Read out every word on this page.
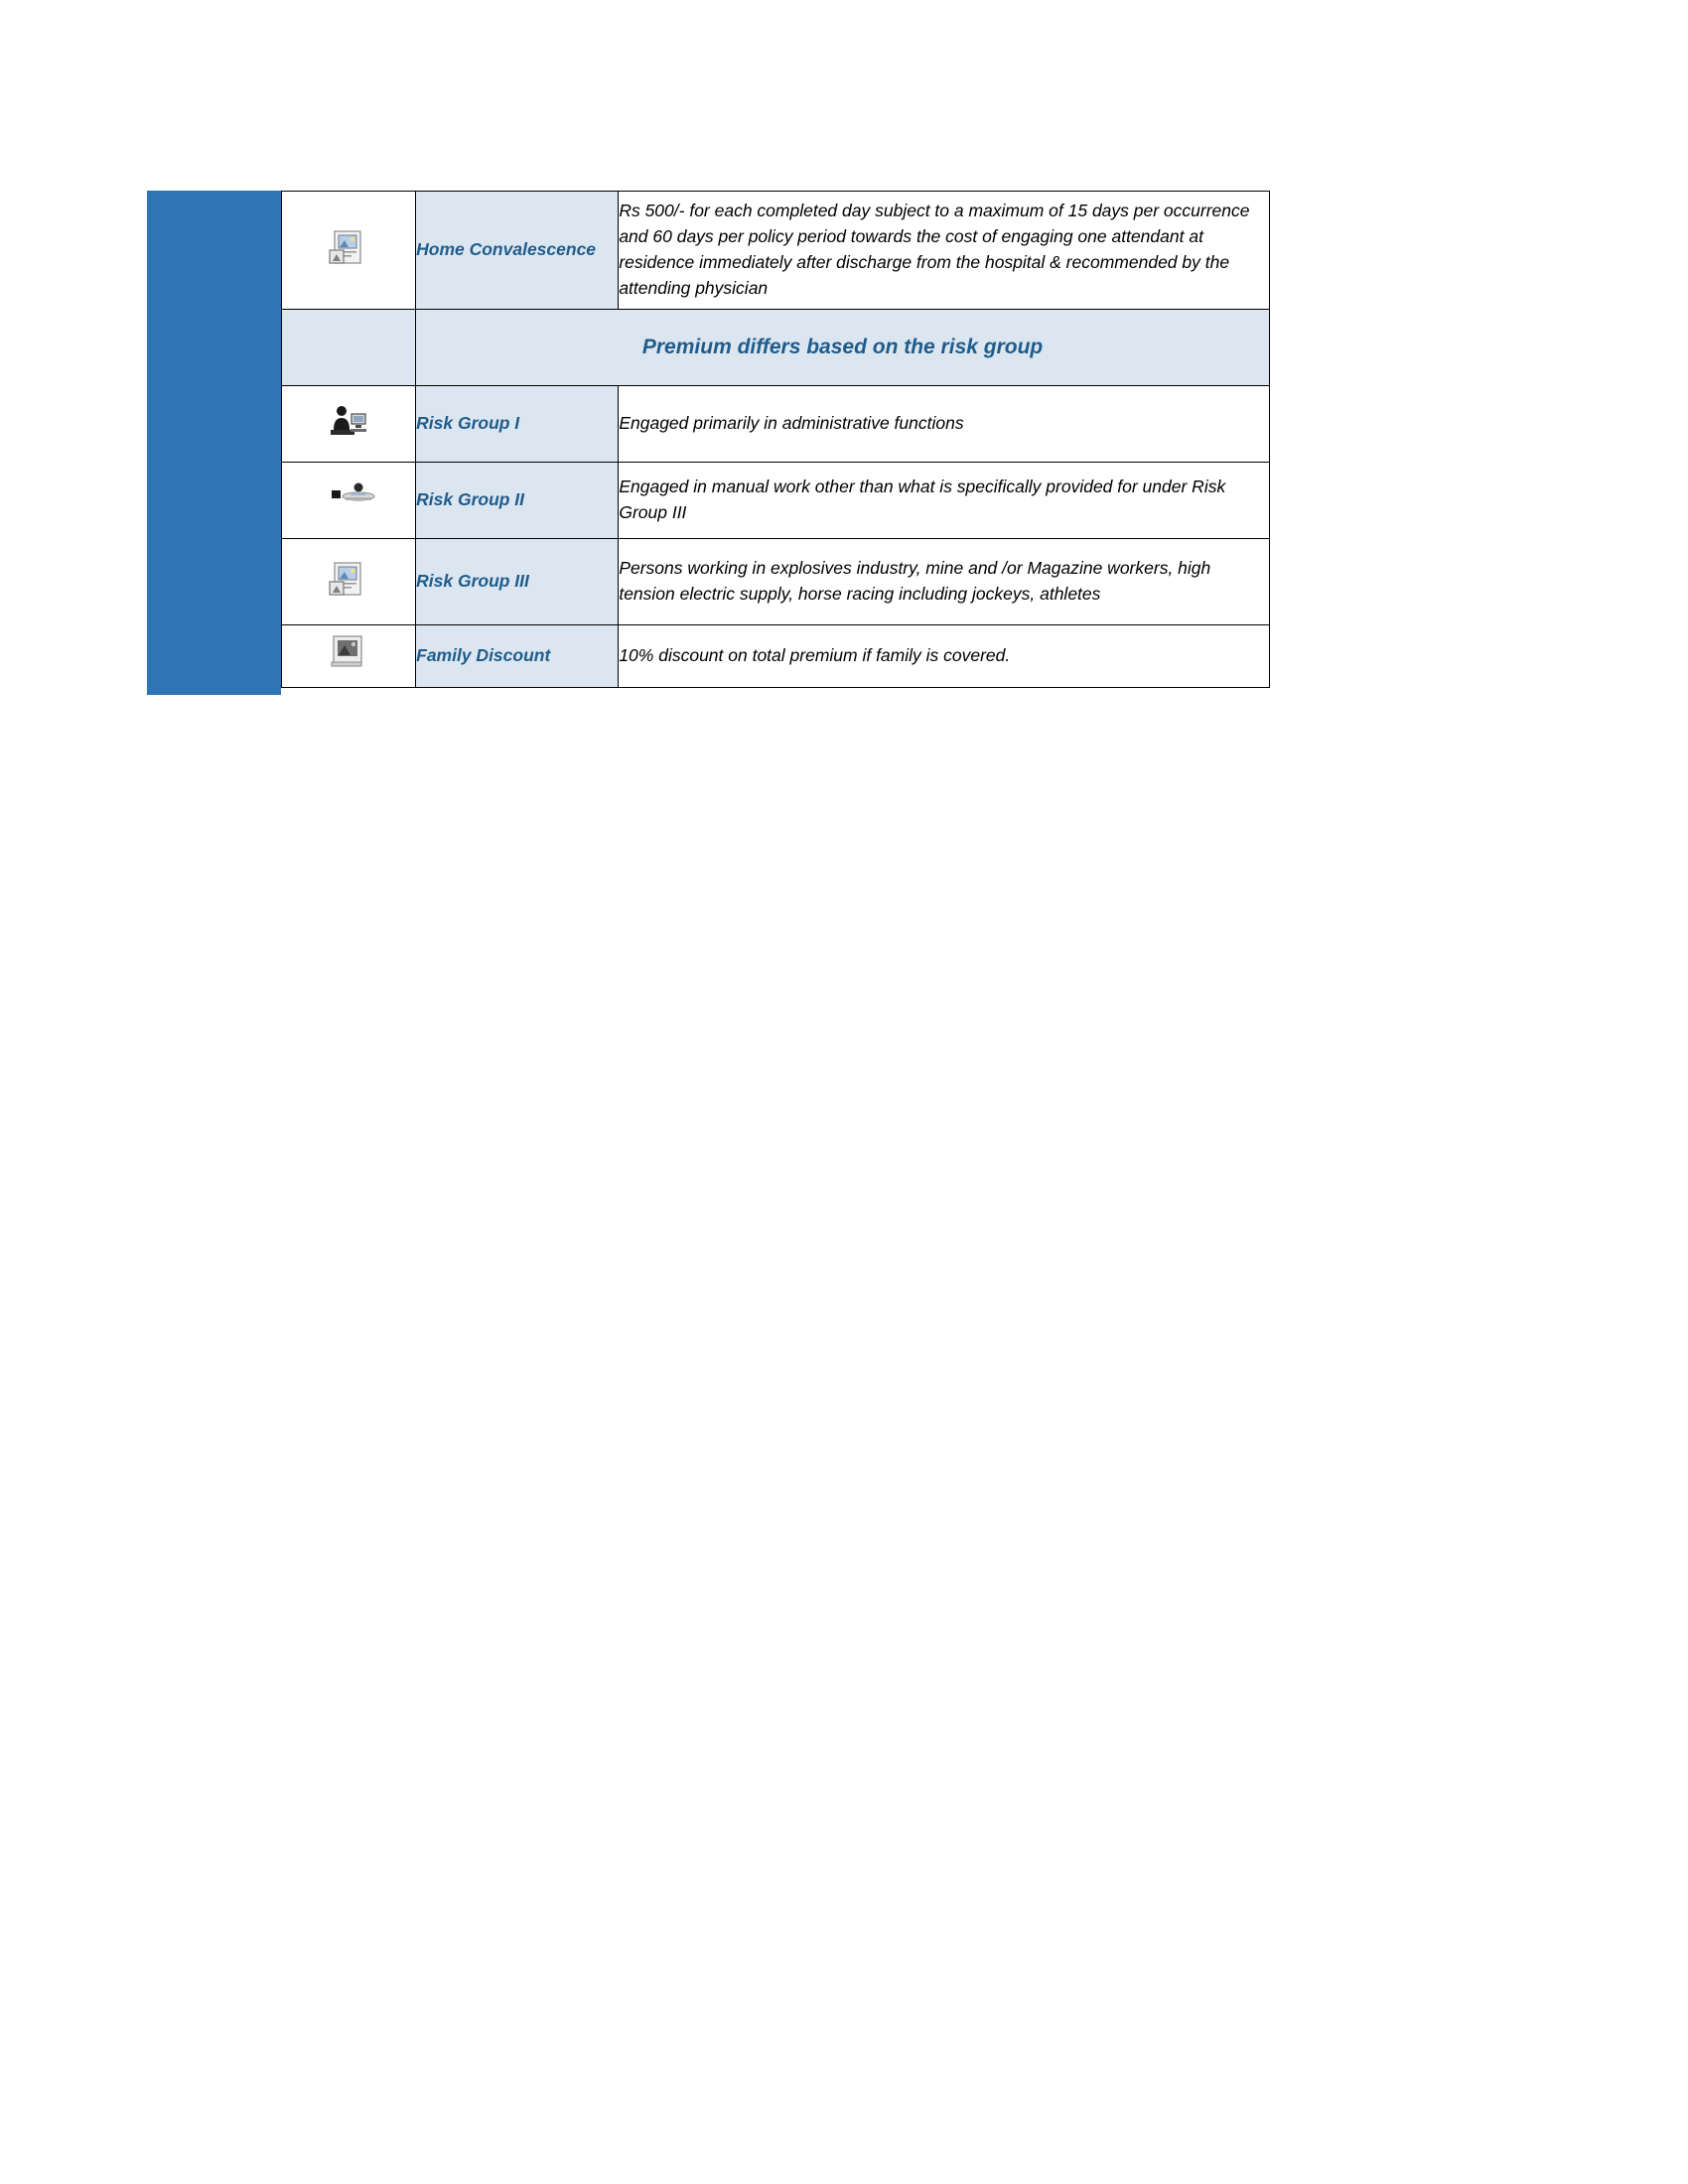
	Home Convalescence	Rs 500/- for each completed day subject to a maximum of 15 days per occurrence and 60 days per policy period towards the cost of engaging one attendant at residence immediately after discharge from the hospital & recommended by the attending physician
	Premium differs based on the risk group	

	Risk Group I	Engaged primarily in administrative functions

	Risk Group II	Engaged in manual work other than what is specifically provided for under Risk Group III

	Risk Group III	Persons working in explosives industry, mine and /or Magazine workers, high tension electric supply, horse racing including jockeys, athletes

	Family Discount	10% discount on total premium if family is covered.
